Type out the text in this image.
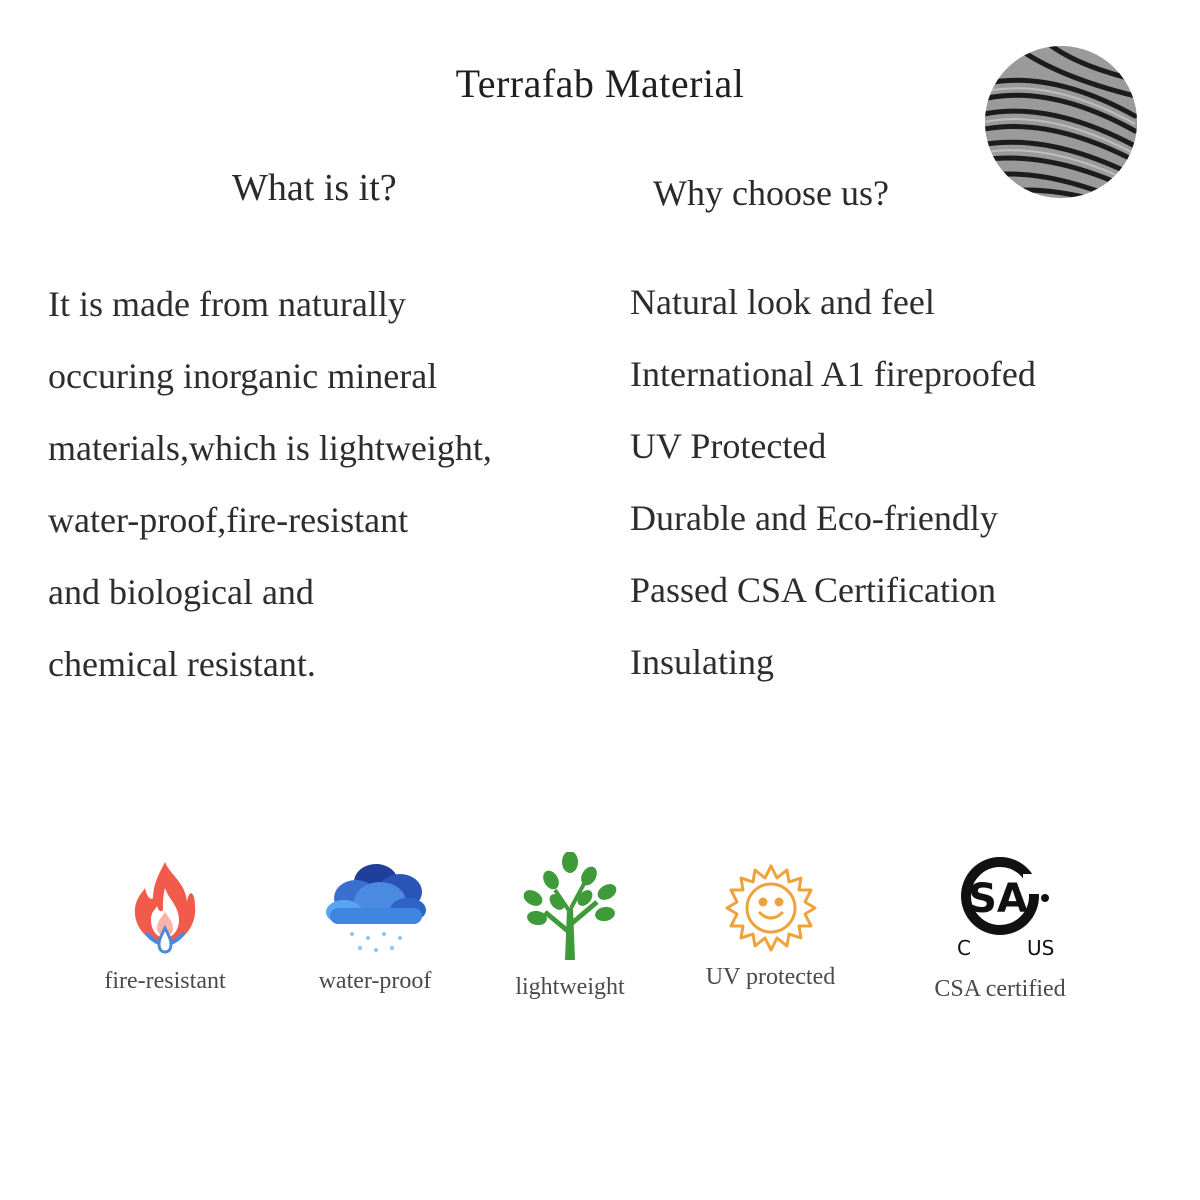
Terrafab Material
What is it?	Why choose us?
It is made from naturally
occuring inorganic mineral
materials,which is lightweight,
water-proof,fire-resistant
and biological and
chemical resistant.
Natural look and feel
International A1 fireproofed
UV Protected
Durable and Eco-friendly
Passed CSA Certification
Insulating
fire-resistant	water-proof	lightweight	UV protected
SA
C	US
CSA certified
